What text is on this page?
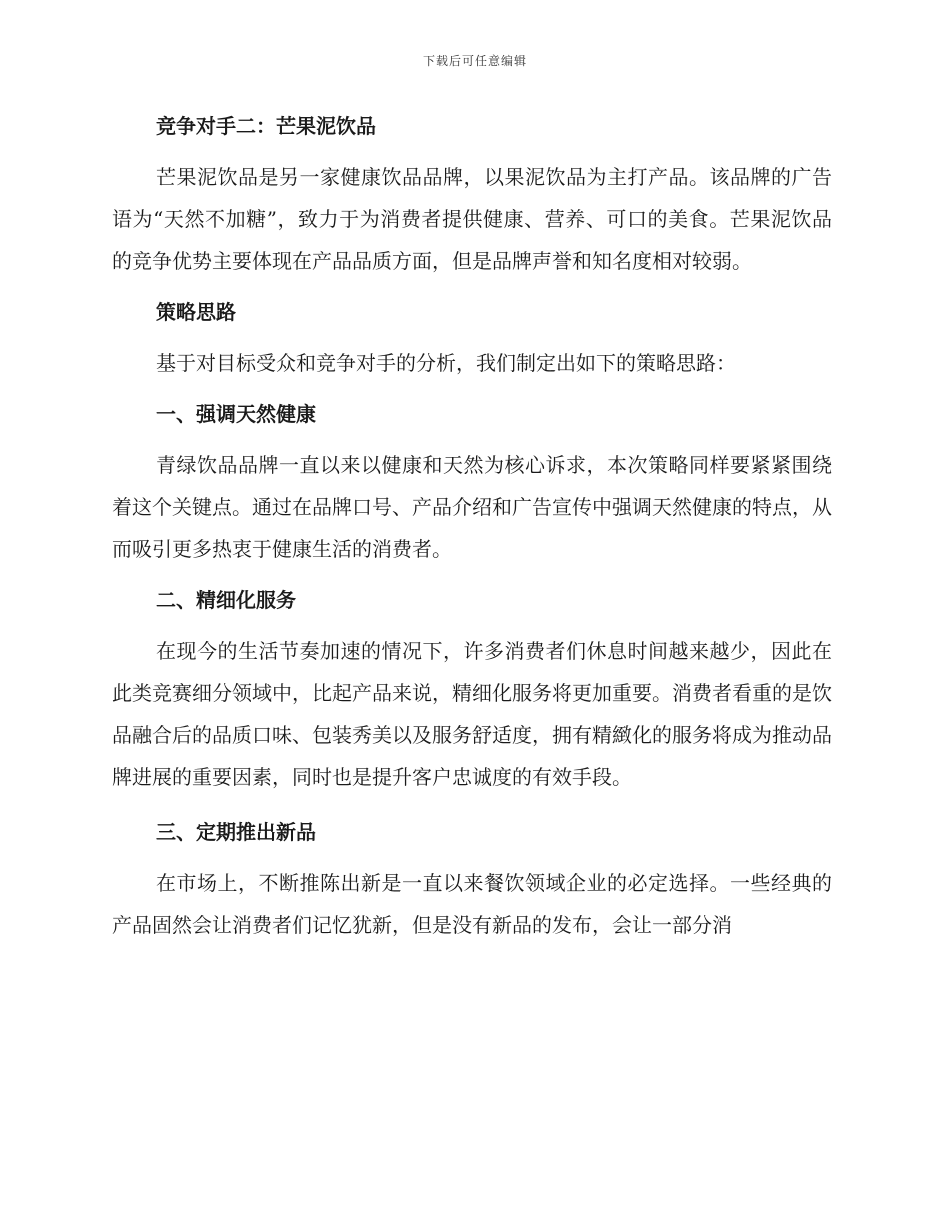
下载后可任意编辑
竞争对手二：芒果泥饮品

芒果泥饮品是另一家健康饮品品牌，以果泥饮品为主打产品。该品牌的广告语为“天然不加糖”，致力于为消费者提供健康、营养、可口的美食。芒果泥饮品的竞争优势主要体现在产品品质方面，但是品牌声誉和知名度相对较弱。

策略思路

基于对目标受众和竞争对手的分析，我们制定出如下的策略思路：

一、强调天然健康

青绿饮品品牌一直以来以健康和天然为核心诉求，本次策略同样要紧紧围绕着这个关键点。通过在品牌口号、产品介绍和广告宣传中强调天然健康的特点，从而吸引更多热衷于健康生活的消费者。

二、精细化服务

在现今的生活节奏加速的情况下，许多消费者们休息时间越来越少，因此在此类竞赛细分领域中，比起产品来说，精细化服务将更加重要。消费者看重的是饮品融合后的品质口味、包装秀美以及服务舒适度，拥有精緻化的服务将成为推动品牌进展的重要因素，同时也是提升客户忠诚度的有效手段。

三、定期推出新品

在市场上，不断推陈出新是一直以来餐饮领域企业的必定选择。一些经典的产品固然会让消费者们记忆犹新，但是没有新品的发布，会让一部分消
